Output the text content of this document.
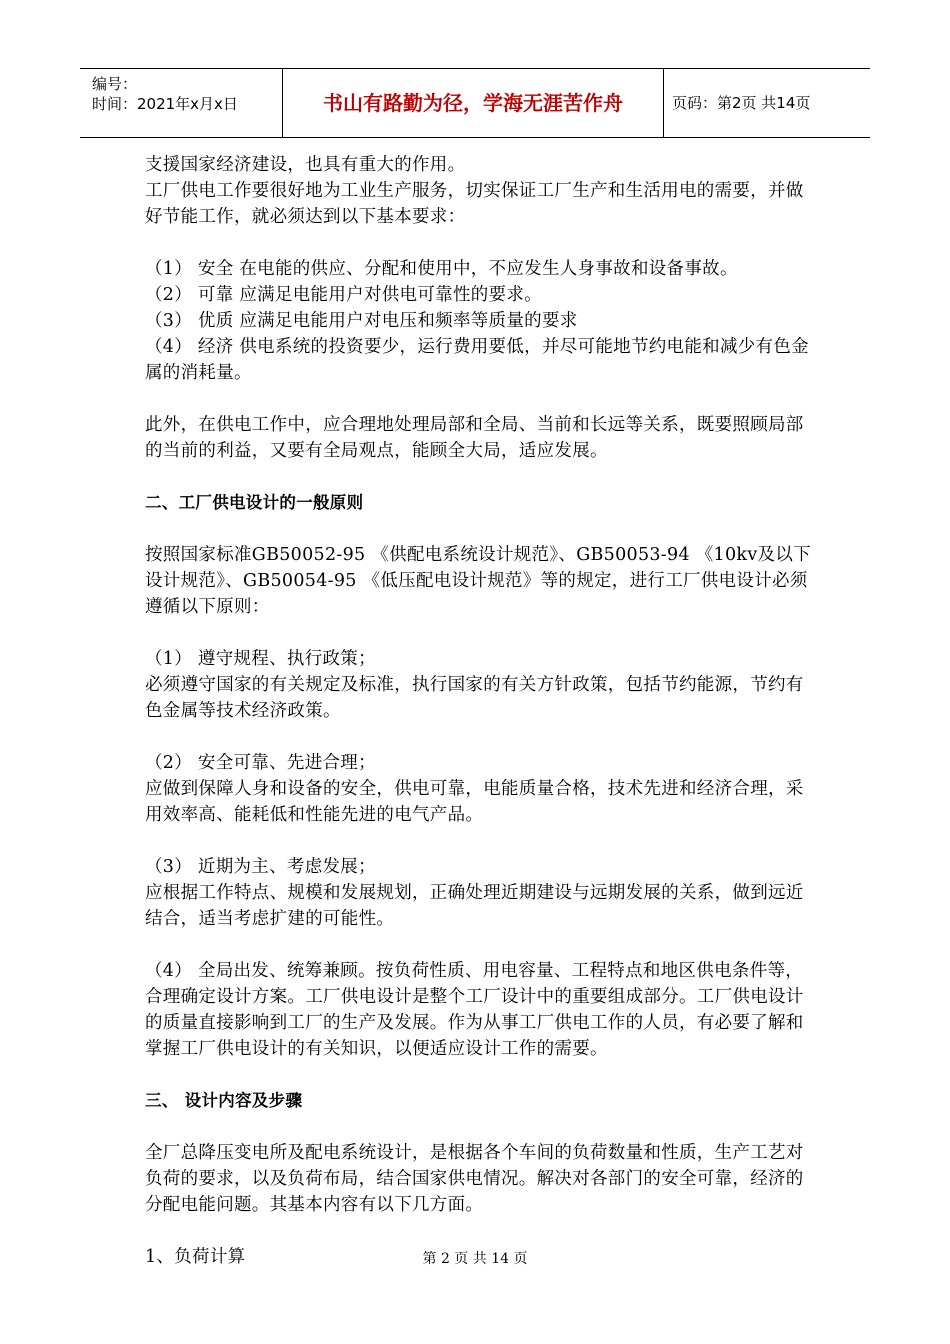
编号：
时间：2021年x月x日	书山有路勤为径，学海无涯苦作舟	页码：第2页 共14页

支援国家经济建设，也具有重大的作用。

工厂供电工作要很好地为工业生产服务，切实保证工厂生产和生活用电的需要，并做好节能工作，就必须达到以下基本要求：

（1） 安全 在电能的供应、分配和使用中，不应发生人身事故和设备事故。

（2） 可靠 应满足电能用户对供电可靠性的要求。

（3） 优质 应满足电能用户对电压和频率等质量的要求

（4） 经济 供电系统的投资要少，运行费用要低，并尽可能地节约电能和减少有色金属的消耗量。

此外，在供电工作中，应合理地处理局部和全局、当前和长远等关系，既要照顾局部的当前的利益，又要有全局观点，能顾全大局，适应发展。

二、工厂供电设计的一般原则

按照国家标准GB50052-95 《供配电系统设计规范》、GB50053-94 《10kv及以下设计规范》、GB50054-95 《低压配电设计规范》等的规定，进行工厂供电设计必须遵循以下原则：

（1） 遵守规程、执行政策；

必须遵守国家的有关规定及标准，执行国家的有关方针政策，包括节约能源，节约有色金属等技术经济政策。

（2） 安全可靠、先进合理；

应做到保障人身和设备的安全，供电可靠，电能质量合格，技术先进和经济合理，采用效率高、能耗低和性能先进的电气产品。

（3） 近期为主、考虑发展；

应根据工作特点、规模和发展规划，正确处理近期建设与远期发展的关系，做到远近结合，适当考虑扩建的可能性。

（4） 全局出发、统筹兼顾。按负荷性质、用电容量、工程特点和地区供电条件等，合理确定设计方案。工厂供电设计是整个工厂设计中的重要组成部分。工厂供电设计的质量直接影响到工厂的生产及发展。作为从事工厂供电工作的人员，有必要了解和掌握工厂供电设计的有关知识，以便适应设计工作的需要。

三、 设计内容及步骤

全厂总降压变电所及配电系统设计，是根据各个车间的负荷数量和性质，生产工艺对负荷的要求，以及负荷布局，结合国家供电情况。解决对各部门的安全可靠，经济的分配电能问题。其基本内容有以下几方面。

1、负荷计算	第 2 页 共 14 页
